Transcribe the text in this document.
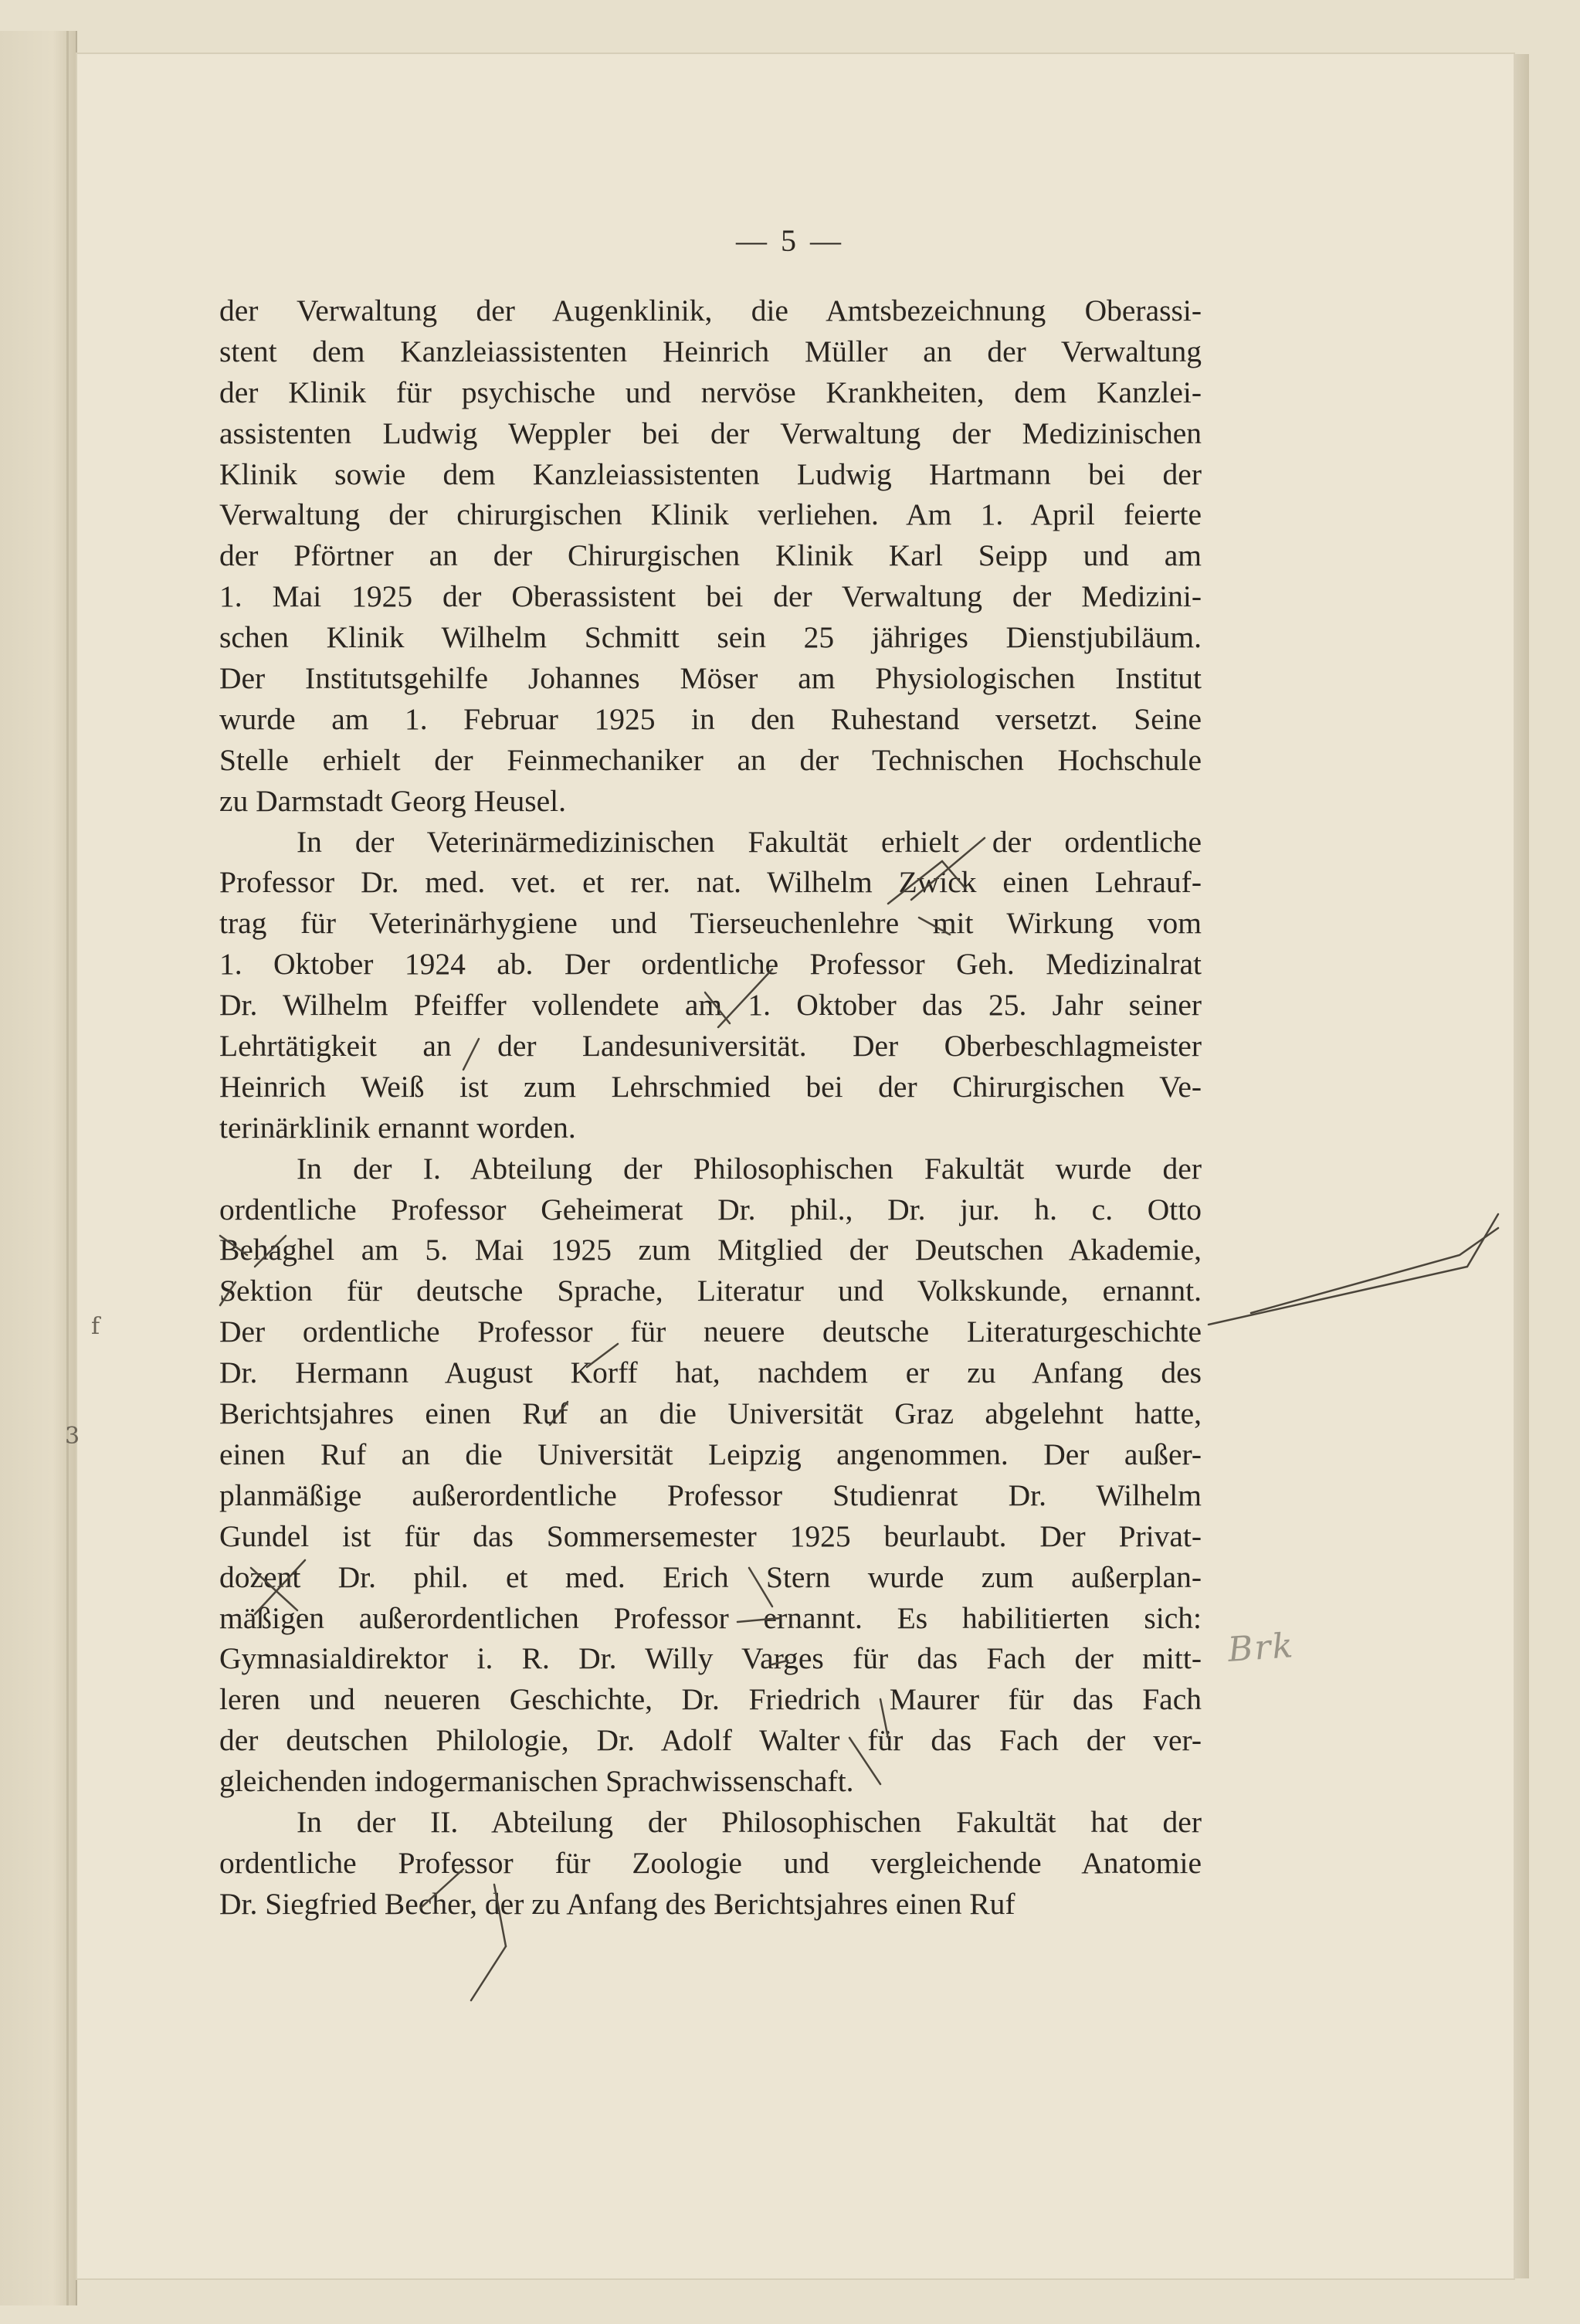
— 5 —
der Verwaltung der Augenklinik, die Amtsbezeichnung Oberassi-
stent dem Kanzleiassistenten Heinrich Müller an der Verwaltung
der Klinik für psychische und nervöse Krankheiten, dem Kanzlei-
assistenten Ludwig Weppler bei der Verwaltung der Medizinischen
Klinik sowie dem Kanzleiassistenten Ludwig Hartmann bei der
Verwaltung der chirurgischen Klinik verliehen. Am 1. April feierte
der Pförtner an der Chirurgischen Klinik Karl Seipp und am
1. Mai 1925 der Oberassistent bei der Verwaltung der Medizini-
schen Klinik Wilhelm Schmitt sein 25 jähriges Dienstjubiläum.
Der Institutsgehilfe Johannes Möser am Physiologischen Institut
wurde am 1. Februar 1925 in den Ruhestand versetzt. Seine
Stelle erhielt der Feinmechaniker an der Technischen Hochschule
zu Darmstadt Georg Heusel.
In der Veterinärmedizinischen Fakultät erhielt der ordentliche
Professor Dr. med. vet. et rer. nat. Wilhelm Zwick einen Lehrauf-
trag für Veterinärhygiene und Tierseuchenlehre mit Wirkung vom
1. Oktober 1924 ab. Der ordentliche Professor Geh. Medizinalrat
Dr. Wilhelm Pfeiffer vollendete am 1. Oktober das 25. Jahr seiner
Lehrtätigkeit an der Landesuniversität. Der Oberbeschlagmeister
Heinrich Weiß ist zum Lehrschmied bei der Chirurgischen Ve-
terinärklinik ernannt worden.
In der I. Abteilung der Philosophischen Fakultät wurde der
ordentliche Professor Geheimerat Dr. phil., Dr. jur. h. c. Otto
Behaghel am 5. Mai 1925 zum Mitglied der Deutschen Akademie,
Sektion für deutsche Sprache, Literatur und Volkskunde, ernannt.
Der ordentliche Professor für neuere deutsche Literaturgeschichte
Dr. Hermann August Korff hat, nachdem er zu Anfang des
Berichtsjahres einen Ruf an die Universität Graz abgelehnt hatte,
einen Ruf an die Universität Leipzig angenommen. Der außer-
planmäßige außerordentliche Professor Studienrat Dr. Wilhelm
Gundel ist für das Sommersemester 1925 beurlaubt. Der Privat-
dozent Dr. phil. et med. Erich Stern wurde zum außerplan-
mäßigen außerordentlichen Professor ernannt. Es habilitierten sich:
Gymnasialdirektor i. R. Dr. Willy Varges für das Fach der mitt-
leren und neueren Geschichte, Dr. Friedrich Maurer für das Fach
der deutschen Philologie, Dr. Adolf Walter für das Fach der ver-
gleichenden indogermanischen Sprachwissenschaft.
In der II. Abteilung der Philosophischen Fakultät hat der
ordentliche Professor für Zoologie und vergleichende Anatomie
Dr. Siegfried Becher, der zu Anfang des Berichtsjahres einen Ruf
Brk
f
3
